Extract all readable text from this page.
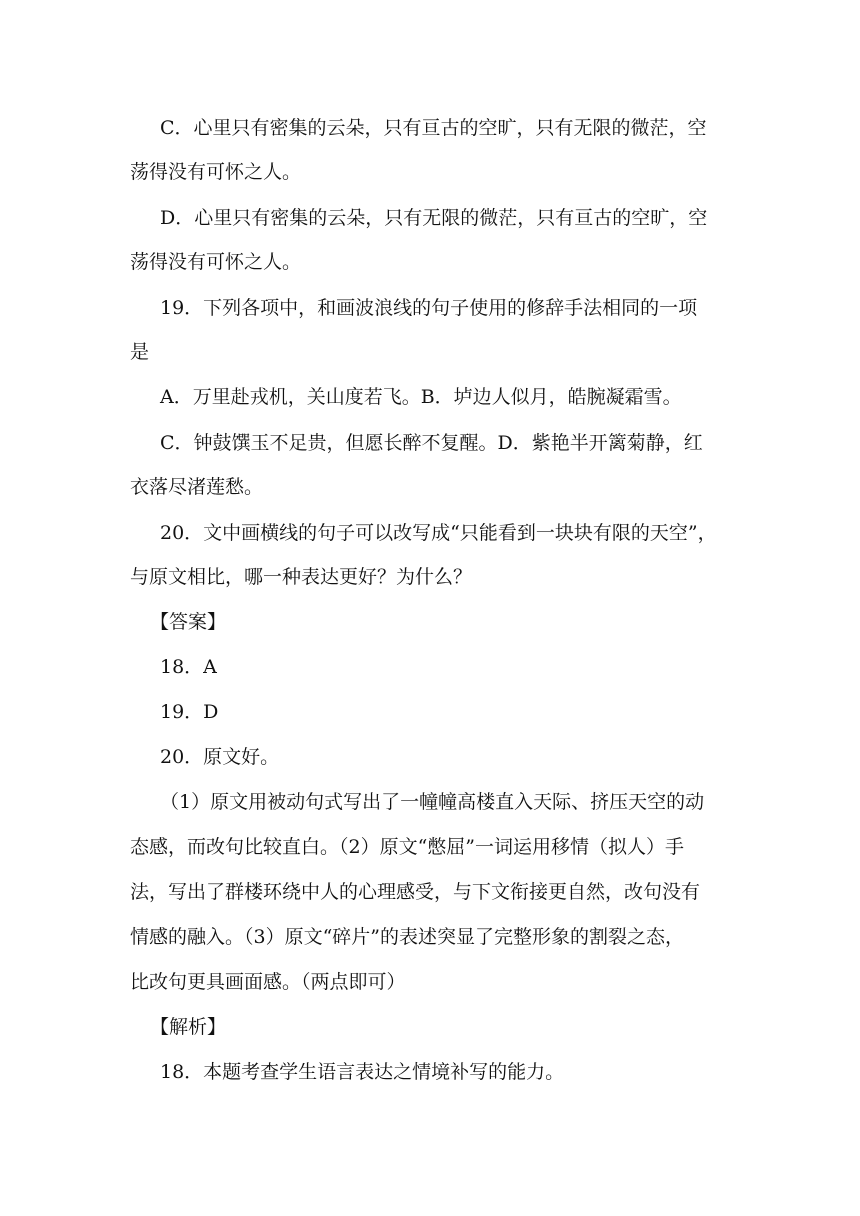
C．心里只有密集的云朵，只有亘古的空旷，只有无限的微茫，空
荡得没有可怀之人。
D．心里只有密集的云朵，只有无限的微茫，只有亘古的空旷，空
荡得没有可怀之人。
19．下列各项中，和画波浪线的句子使用的修辞手法相同的一项
是
A．万里赴戎机，关山度若飞。B．垆边人似月，皓腕凝霜雪。
C．钟鼓馔玉不足贵，但愿长醉不复醒。D．紫艳半开篱菊静，红
衣落尽渚莲愁。
20．文中画横线的句子可以改写成“只能看到一块块有限的天空”，
与原文相比，哪一种表达更好？为什么？
【答案】
18．A
19．D
20．原文好。
（1）原文用被动句式写出了一幢幢高楼直入天际、挤压天空的动
态感，而改句比较直白。（2）原文“憋屈”一词运用移情（拟人）手
法，写出了群楼环绕中人的心理感受，与下文衔接更自然，改句没有
情感的融入。（3）原文“碎片”的表述突显了完整形象的割裂之态，
比改句更具画面感。（两点即可）
【解析】
18．本题考查学生语言表达之情境补写的能力。
